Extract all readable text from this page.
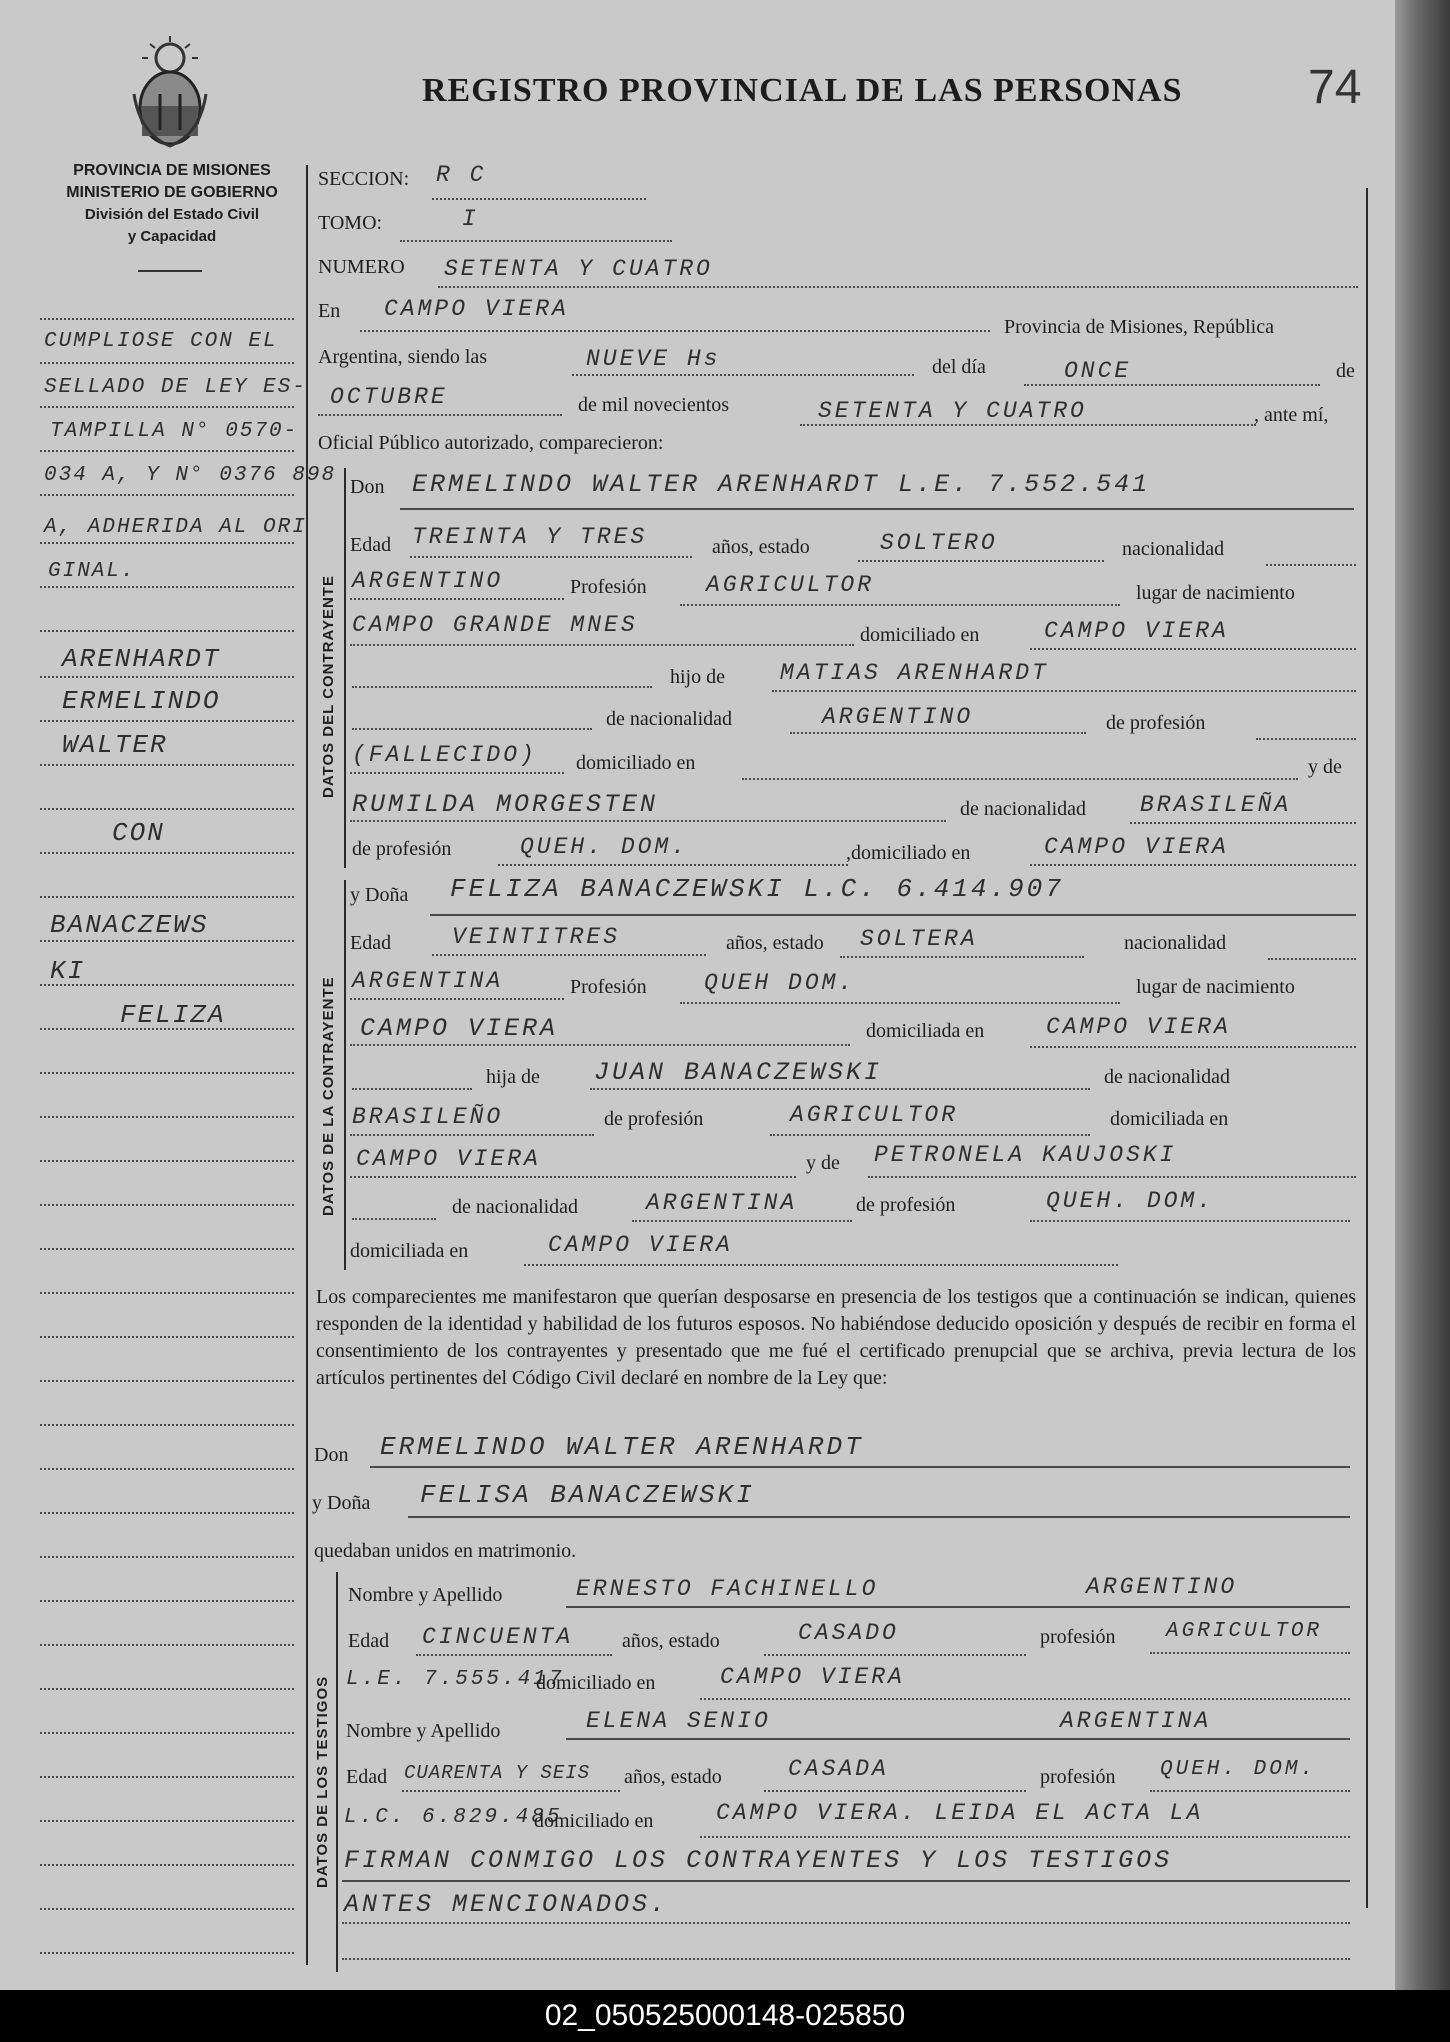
REGISTRO PROVINCIAL DE LAS PERSONAS	74
PROVINCIA DE MISIONES
MINISTERIO DE GOBIERNO
División del Estado Civil
y Capacidad
CUMPLIOSE CON EL
SELLADO DE LEY ES-
TAMPILLA N° 0570-
034 A, Y N° 0376 898
A, ADHERIDA AL ORI
GINAL.
ARENHARDT
ERMELINDO
WALTER
CON
BANACZEWS
KI
FELIZA
SECCION: R C
TOMO:	I
NUMERO SETENTA Y CUATRO
En CAMPO VIERA
Provincia de Misiones, República
Argentina, siendo las	NUEVE Hs	del día	ONCE	de
OCTUBRE	de mil novecientos	SETENTA Y CUATRO	, ante mí,
Oficial Público autorizado, comparecieron:
DATOS DEL CONTRAYENTE
Don ERMELINDO WALTER ARENHARDT L.E. 7.552.541
Edad TREINTA Y TRES	años, estado	SOLTERO	nacionalidad
ARGENTINO	Profesión	AGRICULTOR	lugar de nacimiento
CAMPO GRANDE MNES	domiciliado en	CAMPO VIERA
hijo de MATIAS ARENHARDT
de nacionalidad	ARGENTINO	de profesión
(FALLECIDO) domiciliado en	y de
RUMILDA MORGESTEN	de nacionalidad BRASILEÑA
de profesión	QUEH. DOM.	,domiciliado en	CAMPO VIERA
DATOS DE LA CONTRAYENTE
y Doña FELIZA BANACZEWSKI L.C. 6.414.907
Edad	VEINTITRES	años, estado SOLTERA	nacionalidad
ARGENTINA	Profesión QUEH DOM.	lugar de nacimiento
CAMPO VIERA	domiciliada en	CAMPO VIERA
hija de JUAN BANACZEWSKI	de nacionalidad
BRASILEÑO	de profesión	AGRICULTOR	domiciliada en
CAMPO VIERA	y de PETRONELA KAUJOSKI
de nacionalidad	ARGENTINA	de profesión	QUEH. DOM.
domiciliada en	CAMPO VIERA
Los comparecientes me manifestaron que querían desposarse en presencia de los testigos que a continuación se indican, quienes responden de la identidad y habilidad de los futuros esposos. No habiéndose deducido oposición y después de recibir en forma el consentimiento de los contrayentes y presentado que me fué el certificado prenupcial que se archiva, previa lectura de los artículos pertinentes del Código Civil declaré en nombre de la Ley que:
Don ERMELINDO WALTER ARENHARDT
y Doña FELISA BANACZEWSKI
quedaban unidos en matrimonio.
DATOS DE LOS TESTIGOS
Nombre y Apellido	ERNESTO FACHINELLO	ARGENTINO
Edad CINCUENTA años, estado	CASADO	profesión AGRICULTOR
L.E. 7.555.417
domiciliado en	CAMPO VIERA
Nombre y Apellido	ELENA SENIO	ARGENTINA
Edad CUARENTA Y SEIS años, estado	CASADA	profesión QUEH. DOM.
L.C. 6.829.485
domiciliado en	CAMPO VIERA. LEIDA EL ACTA LA
FIRMAN CONMIGO LOS CONTRAYENTES Y LOS TESTIGOS
ANTES MENCIONADOS.
02_050525000148-025850
